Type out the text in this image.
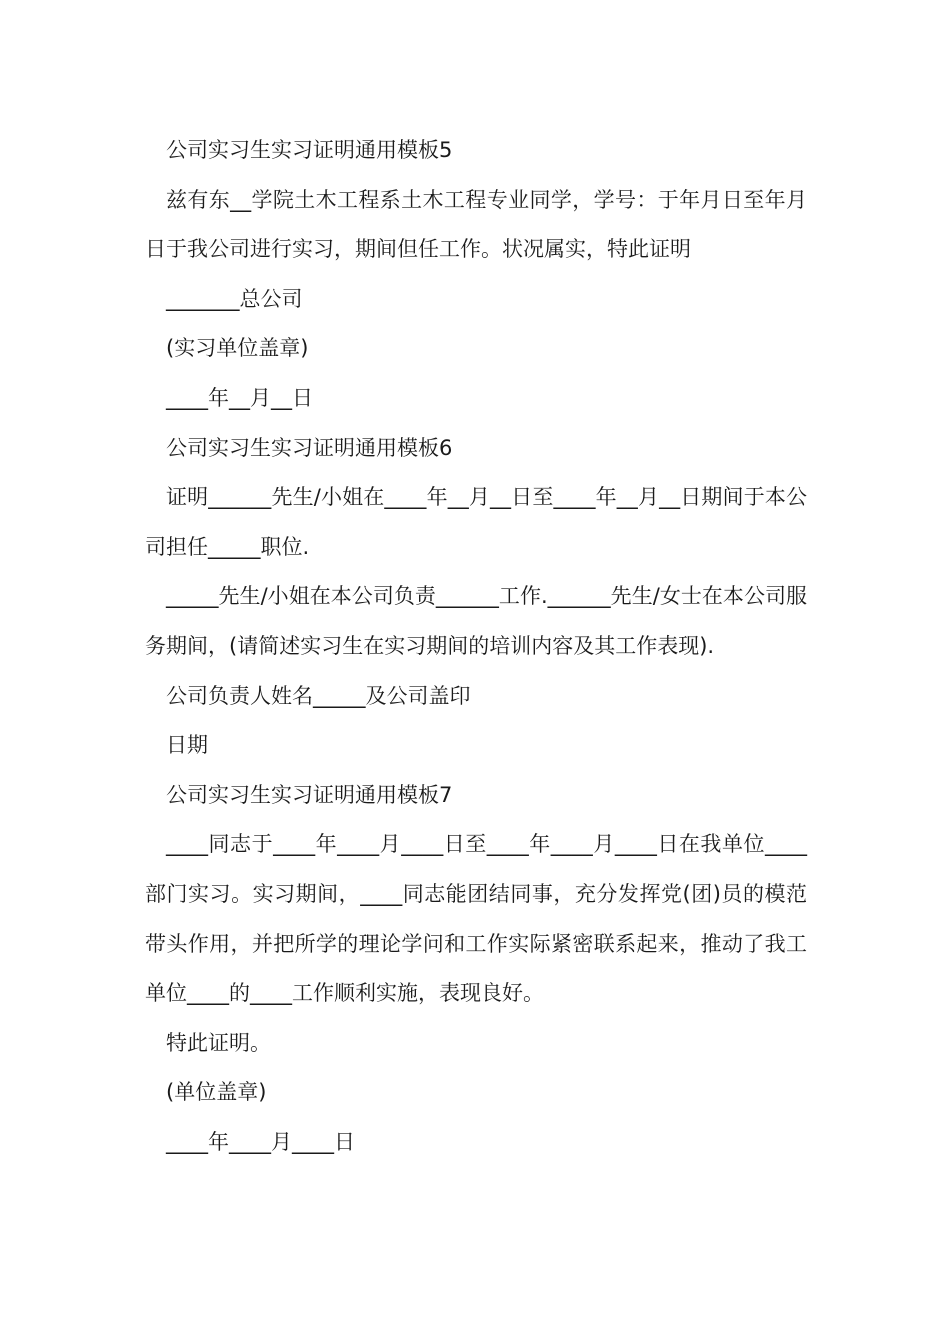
公司实习生实习证明通用模板5

兹有东__学院土木工程系土木工程专业同学，学号：于年月日至年月日于我公司进行实习，期间但任工作。状况属实，特此证明

_______总公司

(实习单位盖章)

____年__月__日

公司实习生实习证明通用模板6

证明______先生/小姐在____年__月__日至____年__月__日期间于本公司担任_____职位.

_____先生/小姐在本公司负责______工作.______先生/女士在本公司服务期间，(请简述实习生在实习期间的培训内容及其工作表现).

公司负责人姓名_____及公司盖印

日期

公司实习生实习证明通用模板7

____同志于____年____月____日至____年____月____日在我单位____部门实习。实习期间，____同志能团结同事，充分发挥党(团)员的模范带头作用，并把所学的理论学问和工作实际紧密联系起来，推动了我工单位____的____工作顺利实施，表现良好。

特此证明。

(单位盖章)

____年____月____日
